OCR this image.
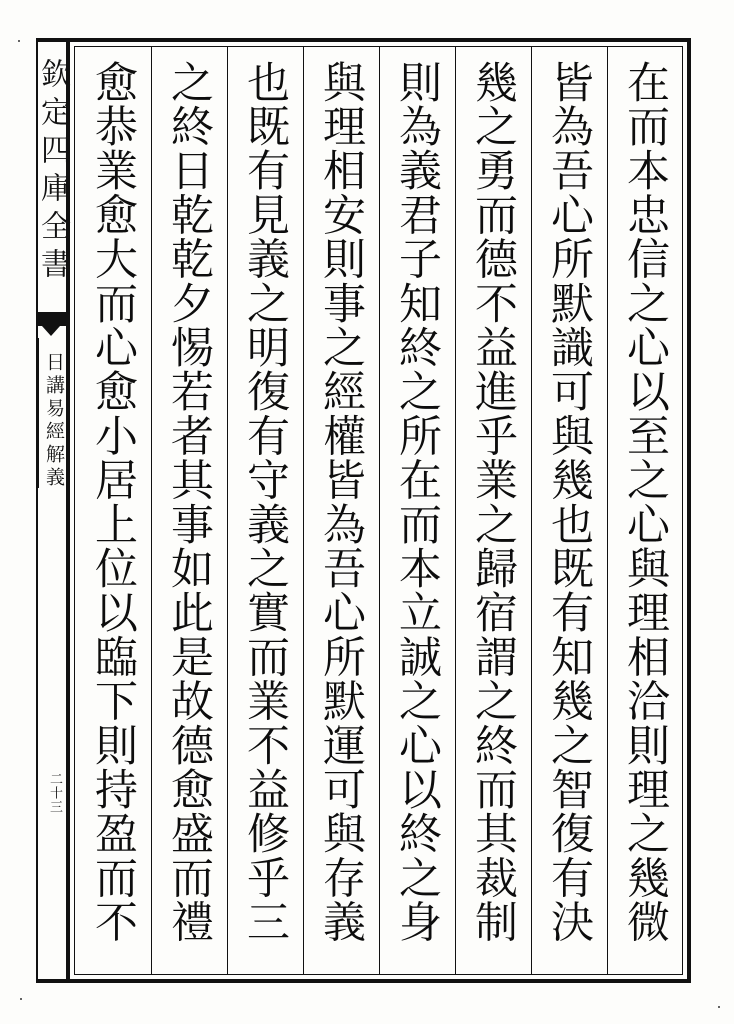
欽定四庫全書
日講易經解義
二十三	在而本忠信之心以至之心與理相洽則理之幾微
皆為吾心所默識可與幾也既有知幾之智復有決
幾之勇而德不益進乎業之歸宿謂之終而其裁制
則為義君子知終之所在而本立誠之心以終之身
與理相安則事之經權皆為吾心所默運可與存義
也既有見義之明復有守義之實而業不益修乎三
之終日乾乾夕惕若者其事如此是故德愈盛而禮
愈恭業愈大而心愈小居上位以臨下則持盈而不
